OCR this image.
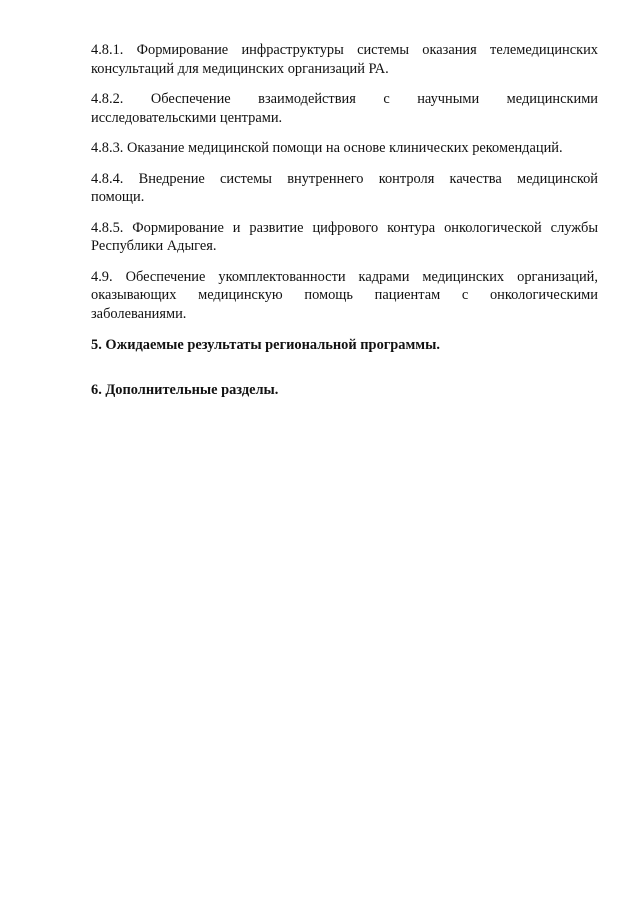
4.8.1. Формирование инфраструктуры системы оказания телемедицинских
консультаций для медицинских организаций РА.

4.8.2. Обеспечение взаимодействия с научными медицинскими
исследовательскими центрами.

4.8.3. Оказание медицинской помощи на основе клинических рекомендаций.

4.8.4. Внедрение системы внутреннего контроля качества медицинской
помощи.

4.8.5. Формирование и развитие цифрового контура онкологической службы
Республики Адыгея.

4.9. Обеспечение укомплектованности кадрами медицинских организаций,
оказывающих медицинскую помощь пациентам с онкологическими
заболеваниями.

5. Ожидаемые результаты региональной программы.

6. Дополнительные разделы.
